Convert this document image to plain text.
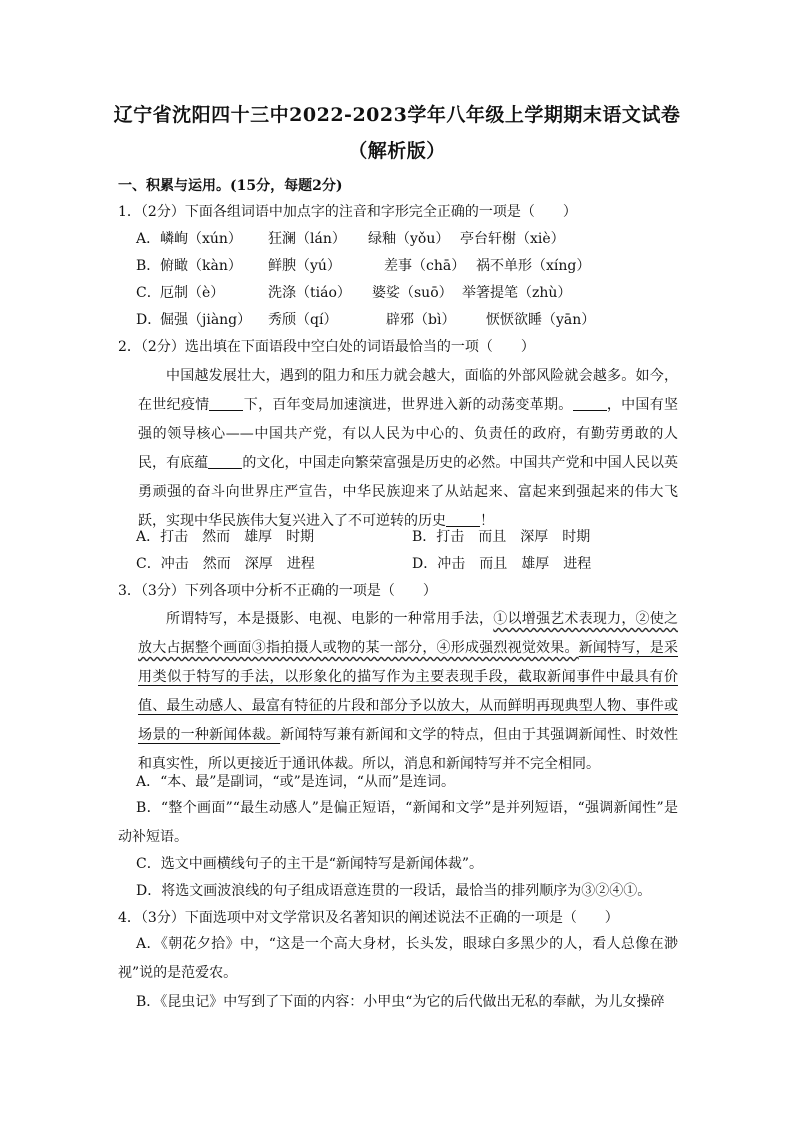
辽宁省沈阳四十三中2022-2023学年八年级上学期期末语文试卷
（解析版）
一、积累与运用。(15分，每题2分)
1．（2分）下面各组词语中加点字的注音和字形完全正确的一项是（　　）
A． 嶙峋（xún） 狂澜（lán） 绿釉（yǒu） 亭台轩榭（xiè）
B． 俯瞰（kàn） 鲜腴（yú）	差事（chā） 祸不单形（xíng）
C． 厄制（è）	洗涤（tiáo） 婆娑（suō） 举箸提笔（zhù）
D．
倔强（jiàng） 秀颀（qí）	辟邪（bì） 恹恹欲睡（yān）
2．（2分）选出填在下面语段中空白处的词语最恰当的一项（　　）
中国越发展壮大，遇到的阻力和压力就会越大，面临的外部风险就会越多。如今，在世纪疫情 下，百年变局加速演进，世界进入新的动荡变革期。 ，中国有坚强的领导核心——中国共产党，有以人民为中心的、负责任的政府，有勤劳勇敢的人民，有底蕴 的文化，中国走向繁荣富强是历史的必然。中国共产党和中国人民以英勇顽强的奋斗向世界庄严宣告，中华民族迎来了从站起来、富起来到强起来的伟大飞跃，实现中华民族伟大复兴进入了不可逆转的历史 ！
A．打击　然而　雄厚　时期	B．打击　而且　深厚　时期
C．冲击　然而　深厚　进程	D．冲击　而且　雄厚　进程
3．（3分）下列各项中分析不正确的一项是（　　）
所谓特写，本是摄影、电视、电影的一种常用手法，①以增强艺术表现力，②使之放大占据整个画面③指拍摄人或物的某一部分，④形成强烈视觉效果。新闻特写，是采用类似于特写的手法，以形象化的描写作为主要表现手段，截取新闻事件中最具有价值、最生动感人、最富有特征的片段和部分予以放大，从而鲜明再现典型人物、事件或场景的一种新闻体裁。新闻特写兼有新闻和文学的特点，但由于其强调新闻性、时效性和真实性，所以更接近于通讯体裁。所以，消息和新闻特写并不完全相同。
A．“本、最”是副词，“或”是连词，“从而”是连词。
B．“整个画面”“最生动感人”是偏正短语，“新闻和文学”是并列短语，“强调新闻性”是动补短语。
C．选文中画横线句子的主干是“新闻特写是新闻体裁”。
D．将选文画波浪线的句子组成语意连贯的一段话，最恰当的排列顺序为③②④①。
4．（3分）下面选项中对文学常识及名著知识的阐述说法不正确的一项是（　　）
A．《朝花夕拾》中，“这是一个高大身材，长头发，眼球白多黑少的人，看人总像在渺视”说的是范爱农。
B．《昆虫记》中写到了下面的内容：小甲虫“为它的后代做出无私的奉献，为儿女操碎
